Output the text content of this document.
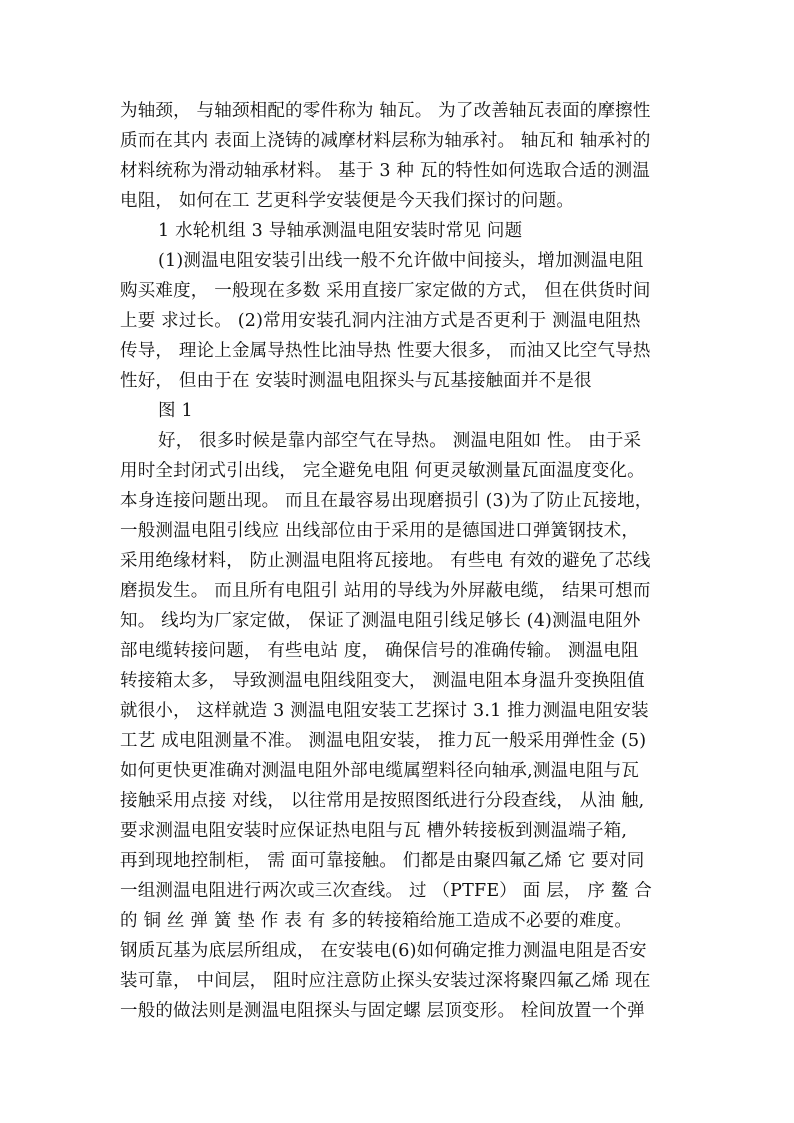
为轴颈， 与轴颈相配的零件称为 轴瓦。 为了改善轴瓦表面的摩擦性
质而在其内 表面上浇铸的减摩材料层称为轴承衬。 轴瓦和 轴承衬的
材料统称为滑动轴承材料。 基于 3 种 瓦的特性如何选取合适的测温
电阻， 如何在工 艺更科学安装便是今天我们探讨的问题。
1 水轮机组 3 导轴承测温电阻安装时常见 问题
(1)测温电阻安装引出线一般不允许做中间接头，增加测温电阻
购买难度， 一般现在多数 采用直接厂家定做的方式， 但在供货时间
上要 求过长。 (2)常用安装孔洞内注油方式是否更利于 测温电阻热
传导， 理论上金属导热性比油导热 性要大很多， 而油又比空气导热
性好， 但由于在 安装时测温电阻探头与瓦基接触面并不是很
图 1
好， 很多时候是靠内部空气在导热。 测温电阻如 性。 由于采
用时全封闭式引出线， 完全避免电阻 何更灵敏测量瓦面温度变化。
本身连接问题出现。 而且在最容易出现磨损引 (3)为了防止瓦接地，
一般测温电阻引线应 出线部位由于采用的是德国进口弹簧钢技术，
采用绝缘材料， 防止测温电阻将瓦接地。 有些电 有效的避免了芯线
磨损发生。 而且所有电阻引 站用的导线为外屏蔽电缆， 结果可想而
知。 线均为厂家定做， 保证了测温电阻引线足够长 (4)测温电阻外
部电缆转接问题， 有些电站 度， 确保信号的准确传输。 测温电阻
转接箱太多， 导致测温电阻线阻变大， 测温电阻本身温升变换阻值
就很小， 这样就造 3 测温电阻安装工艺探讨 3.1 推力测温电阻安装
工艺 成电阻测量不准。 测温电阻安装， 推力瓦一般采用弹性金 (5)
如何更快更准确对测温电阻外部电缆属塑料径向轴承,测温电阻与瓦
接触采用点接 对线， 以往常用是按照图纸进行分段查线， 从油 触,
要求测温电阻安装时应保证热电阻与瓦 槽外转接板到测温端子箱,
再到现地控制柜， 需 面可靠接触。 们都是由聚四氟乙烯 它 要对同
一组测温电阻进行两次或三次查线。 过 （PTFE） 面 层， 序 鳌 合
的 铜 丝 弹 簧 垫 作 表 有 多的转接箱给施工造成不必要的难度。
钢质瓦基为底层所组成， 在安装电(6)如何确定推力测温电阻是否安
装可靠， 中间层， 阻时应注意防止探头安装过深将聚四氟乙烯 现在
一般的做法则是测温电阻探头与固定螺 层顶变形。 栓间放置一个弹
